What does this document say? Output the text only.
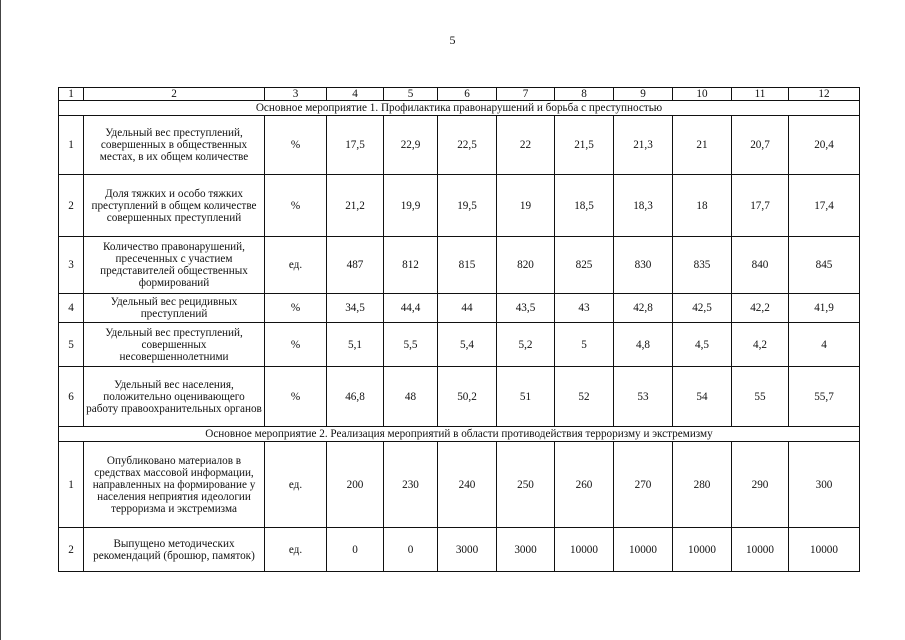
5
1	2	3	4	5	6	7	8	9	10	11	12
Основное мероприятие 1. Профилактика правонарушений и борьба с преступностью											
1	Удельный вес преступлений, совершенных в общественных местах, в их общем количестве	%	17,5	22,9	22,5	22	21,5	21,3	21	20,7	20,4
2	Доля тяжких и особо тяжких преступлений в общем количестве совершенных преступлений	%	21,2	19,9	19,5	19	18,5	18,3	18	17,7	17,4
3	Количество правонарушений, пресеченных с участием представителей общественных формирований	ед.	487	812	815	820	825	830	835	840	845
4	Удельный вес рецидивных преступлений	%	34,5	44,4	44	43,5	43	42,8	42,5	42,2	41,9
5	Удельный вес преступлений, совершенных несовершеннолетними	%	5,1	5,5	5,4	5,2	5	4,8	4,5	4,2	4
6	Удельный вес населения, положительно оценивающего работу правоохранительных органов	%	46,8	48	50,2	51	52	53	54	55	55,7
Основное мероприятие 2. Реализация мероприятий в области противодействия терроризму и экстремизму											
1	Опубликовано материалов в средствах массовой информации, направленных на формирование у населения неприятия идеологии терроризма и экстремизма	ед.	200	230	240	250	260	270	280	290	300
2	Выпущено методических рекомендаций (брошюр, памяток)	ед.	0	0	3000	3000	10000	10000	10000	10000	10000
